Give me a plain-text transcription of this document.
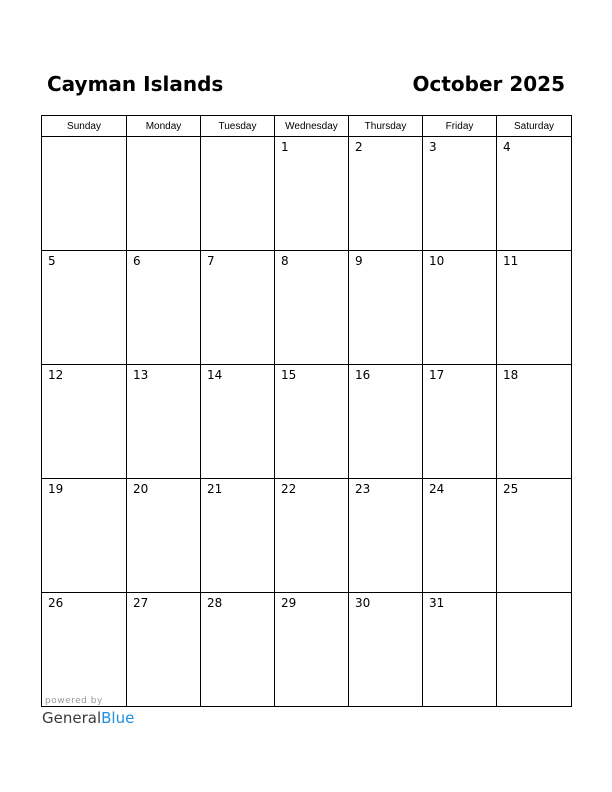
Cayman Islands	October 2025
Sunday	Monday	Tuesday	Wednesday	Thursday	Friday	Saturday
			1	2	3	4
5	6	7	8	9	10	11
12	13	14	15	16	17	18
19	20	21	22	23	24	25
26	27	28	29	30	31	
powered by
GeneralBlue
